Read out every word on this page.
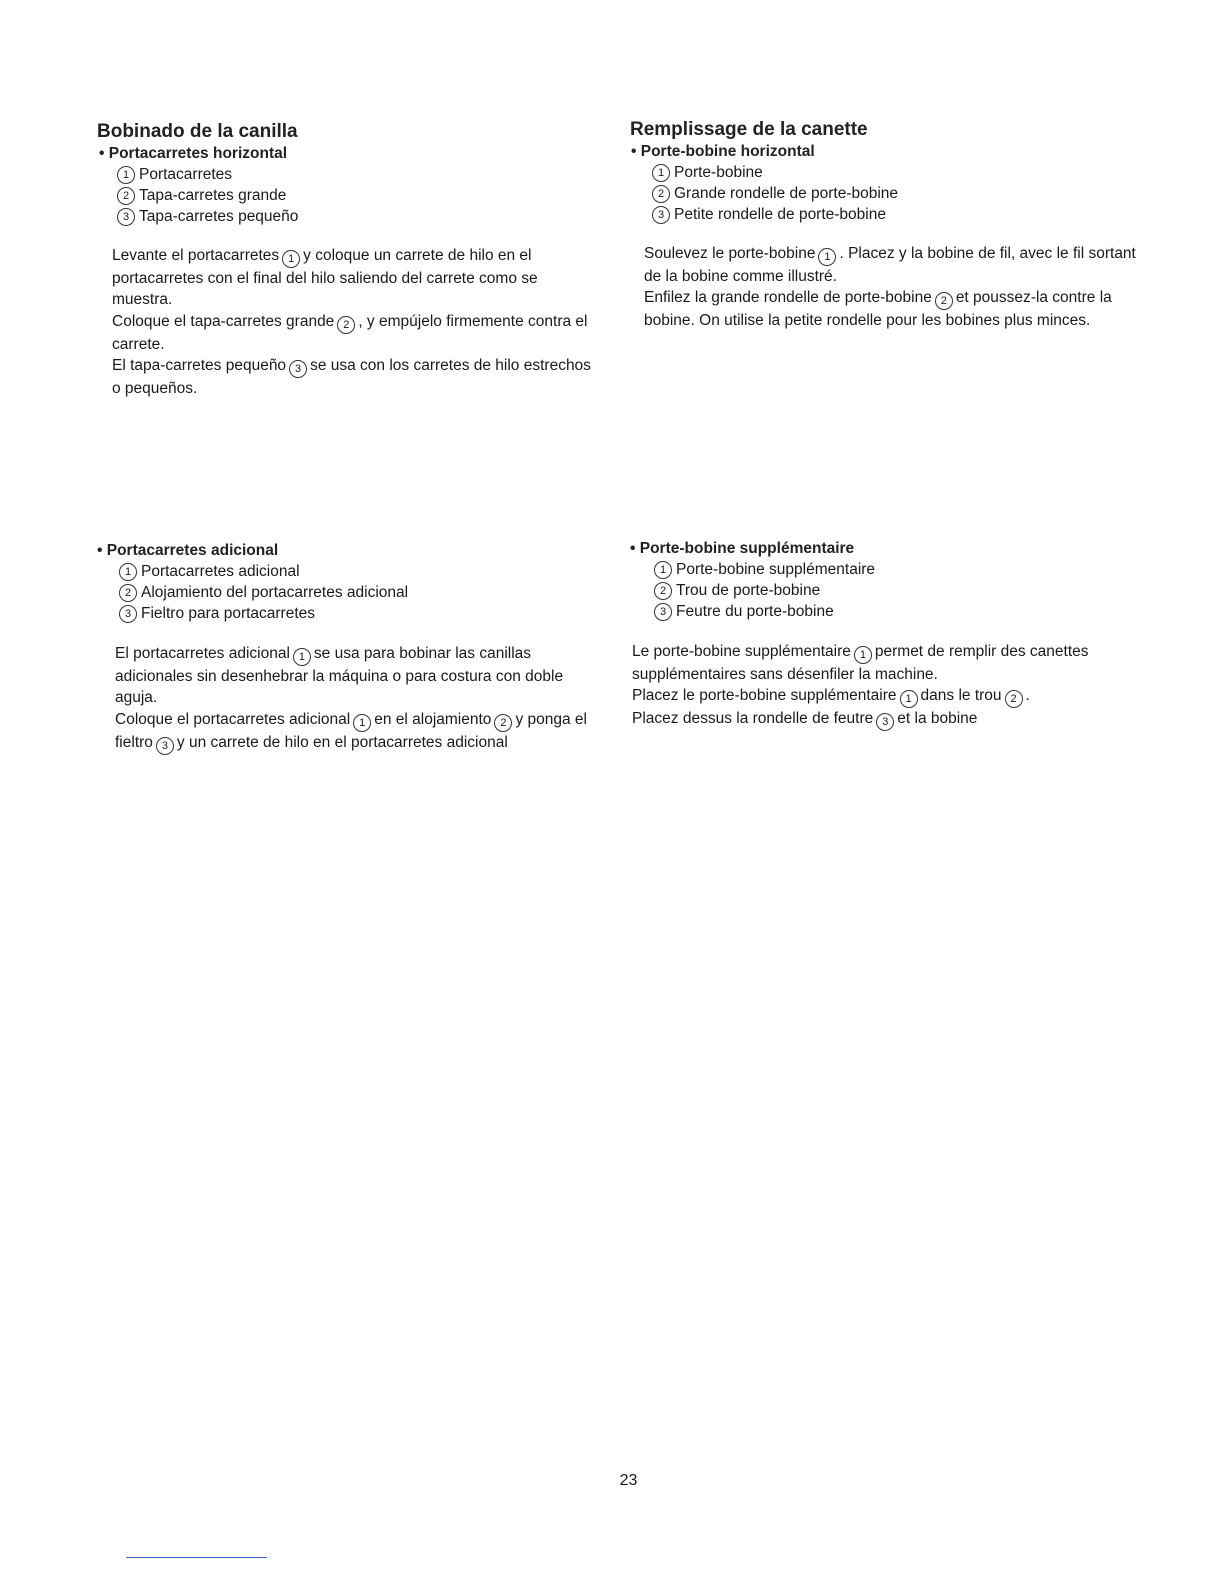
Bobinado de la canilla

• Portacarretes horizontal

1 Portacarretes
2 Tapa-carretes grande
3 Tapa-carretes pequeño

Levante el portacarretes 1 y coloque un carrete de hilo en el portacarretes con el final del hilo saliendo del carrete como se muestra.

Coloque el tapa-carretes grande 2 , y empújelo firmemente contra el carrete.

El tapa-carretes pequeño 3 se usa con los carretes de hilo estrechos o pequeños.

• Portacarretes adicional

1 Portacarretes adicional
2 Alojamiento del portacarretes adicional
3 Fieltro para portacarretes

El portacarretes adicional 1 se usa para bobinar las canillas adicionales sin desenhebrar la máquina o para costura con doble aguja.

Coloque el portacarretes adicional 1 en el alojamiento 2 y ponga el fieltro 3 y un carrete de hilo en el portacarretes adicional

Remplissage de la canette

• Porte-bobine horizontal

1 Porte-bobine
2 Grande rondelle de porte-bobine
3 Petite rondelle de porte-bobine

Soulevez le porte-bobine 1 . Placez y la bobine de fil, avec le fil sortant de la bobine comme illustré.

Enfilez la grande rondelle de porte-bobine 2 et poussez-la contre la bobine. On utilise la petite rondelle pour les bobines plus minces.

• Porte-bobine supplémentaire

1 Porte-bobine supplémentaire
2 Trou de porte-bobine
3 Feutre du porte-bobine

Le porte-bobine supplémentaire 1 permet de remplir des canettes supplémentaires sans désenfiler la machine.

Placez le porte-bobine supplémentaire 1 dans le trou 2 .

Placez dessus la rondelle de feutre 3 et la bobine

23
